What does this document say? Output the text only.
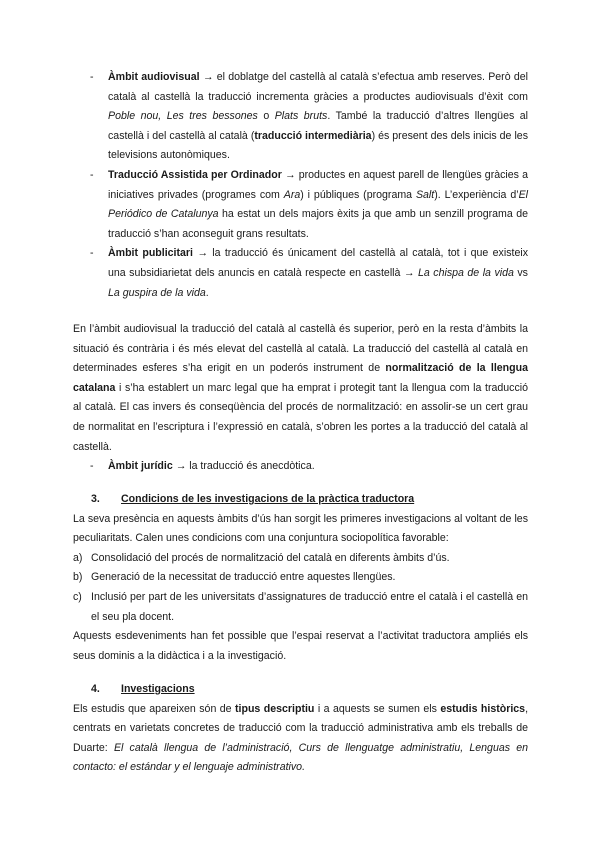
- Àmbit audiovisual → el doblatge del castellà al català s’efectua amb reserves. Però del català al castellà la traducció incrementa gràcies a productes audiovisuals d’èxit com Poble nou, Les tres bessones o Plats bruts. També la traducció d’altres llengües al castellà i del castellà al català (traducció intermediària) és present des dels inicis de les televisions autonòmiques.
- Traducció Assistida per Ordinador → productes en aquest parell de llengües gràcies a iniciatives privades (programes com Ara) i públiques (programa Salt). L’experiència d’El Periódico de Catalunya ha estat un dels majors èxits ja que amb un senzill programa de traducció s’han aconseguit grans resultats.
- Àmbit publicitari → la traducció és únicament del castellà al català, tot i que existeix una subsidiarietat dels anuncis en català respecte en castellà → La chispa de la vida vs La guspira de la vida.
En l’àmbit audiovisual la traducció del català al castellà és superior, però en la resta d’àmbits la situació és contrària i és més elevat del castellà al català. La traducció del castellà al català en determinades esferes s’ha erigit en un poderós instrument de normalització de la llengua catalana i s’ha establert un marc legal que ha emprat i protegit tant la llengua com la traducció al català. El cas invers és conseqüència del procés de normalització: en assolir-se un cert grau de normalitat en l’escriptura i l’expressió en català, s’obren les portes a la traducció del català al castellà.
- Àmbit jurídic → la traducció és anecdòtica.
3. Condicions de les investigacions de la pràctica traductora
La seva presència en aquests àmbits d’ús han sorgit les primeres investigacions al voltant de les peculiaritats. Calen unes condicions com una conjuntura sociopolítica favorable:
a) Consolidació del procés de normalització del català en diferents àmbits d’ús.
b) Generació de la necessitat de traducció entre aquestes llengües.
c) Inclusió per part de les universitats d’assignatures de traducció entre el català i el castellà en el seu pla docent.
Aquests esdeveniments han fet possible que l’espai reservat a l’activitat traductora ampliés els seus dominis a la didàctica i a la investigació.
4. Investigacions
Els estudis que apareixen són de tipus descriptiu i a aquests se sumen els estudis històrics, centrats en varietats concretes de traducció com la traducció administrativa amb els treballs de Duarte: El català llengua de l’administració, Curs de llenguatge administratiu, Lenguas en contacto: el estándar y el lenguaje administrativo.
